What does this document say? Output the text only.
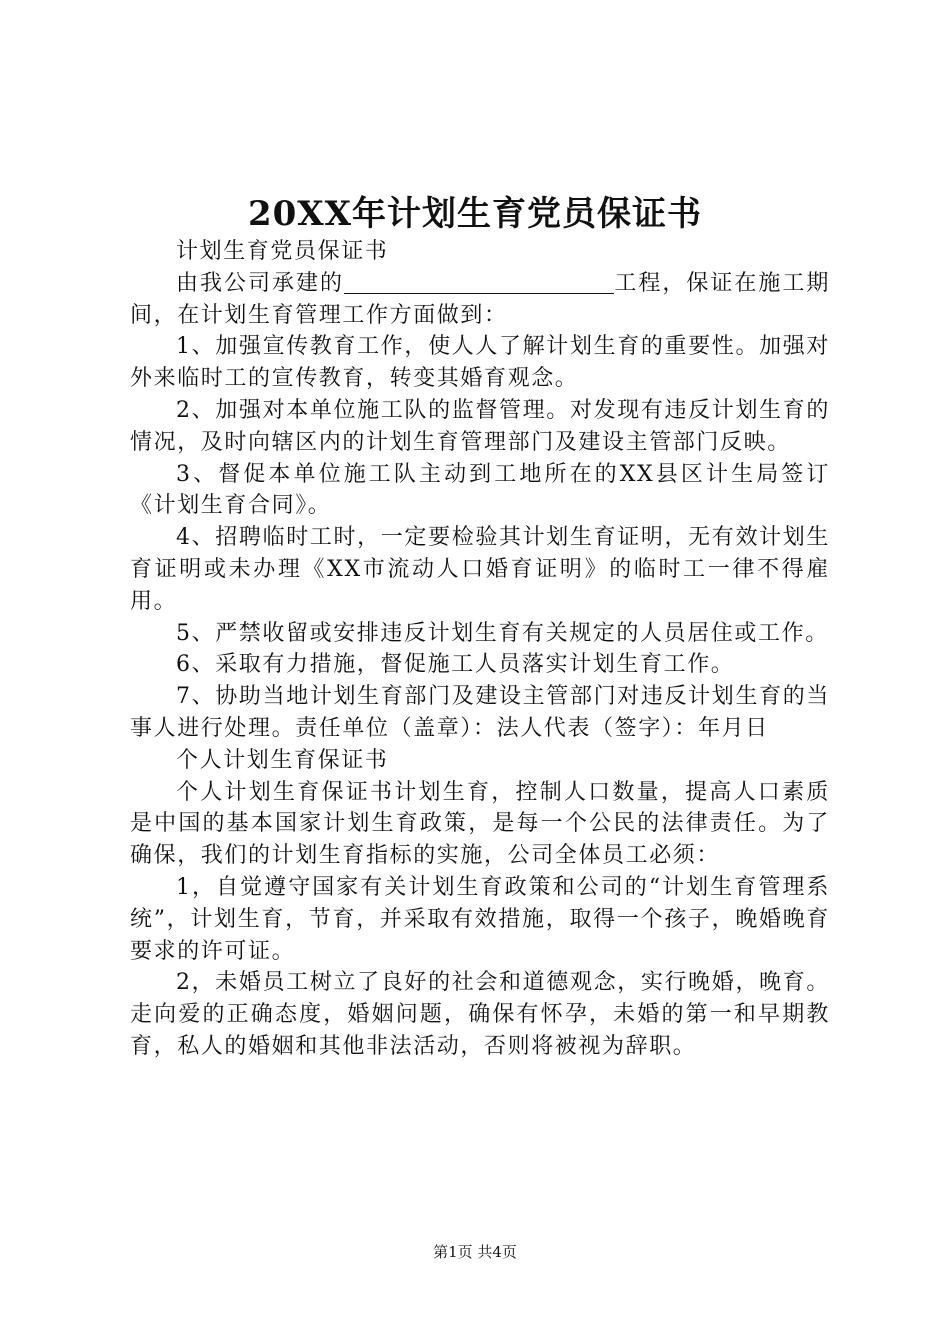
20XX年计划生育党员保证书

计划生育党员保证书

由我公司承建的	工程，保证在施工期间，在计划生育管理工作方面做到：

1、加强宣传教育工作，使人人了解计划生育的重要性。加强对外来临时工的宣传教育，转变其婚育观念。

2、加强对本单位施工队的监督管理。对发现有违反计划生育的情况，及时向辖区内的计划生育管理部门及建设主管部门反映。

3、督促本单位施工队主动到工地所在的XX县区计生局签订《计划生育合同》。

4、招聘临时工时，一定要检验其计划生育证明，无有效计划生育证明或未办理《XX市流动人口婚育证明》的临时工一律不得雇用。

5、严禁收留或安排违反计划生育有关规定的人员居住或工作。

6、采取有力措施，督促施工人员落实计划生育工作。

7、协助当地计划生育部门及建设主管部门对违反计划生育的当事人进行处理。责任单位（盖章）：法人代表（签字）：年月日

个人计划生育保证书

个人计划生育保证书计划生育，控制人口数量，提高人口素质是中国的基本国家计划生育政策，是每一个公民的法律责任。为了确保，我们的计划生育指标的实施，公司全体员工必须：

1，自觉遵守国家有关计划生育政策和公司的“计划生育管理系统”，计划生育，节育，并采取有效措施，取得一个孩子，晚婚晚育要求的许可证。

2，未婚员工树立了良好的社会和道德观念，实行晚婚，晚育。走向爱的正确态度，婚姻问题，确保有怀孕，未婚的第一和早期教育，私人的婚姻和其他非法活动，否则将被视为辞职。

第1页 共4页
